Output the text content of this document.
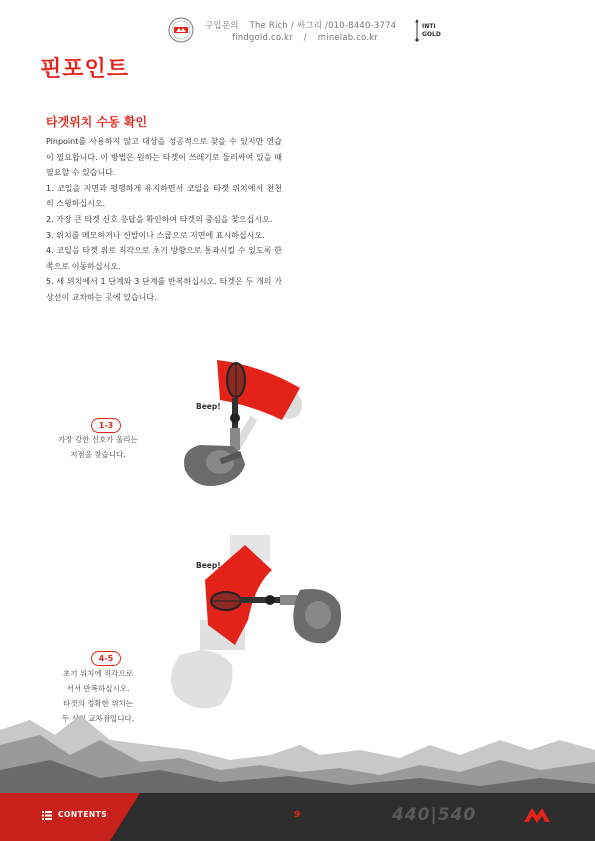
구입문의 The Rich / 싸그리 /010-8440-3774
findgold.co.kr / minelab.co.kr
INTI
GOLD
핀포인트
타겟위치 수동 확인

Pinpoint를 사용하지 않고 대상을 성공적으로 찾을 수 있지만 연습이 필요합니다. 이 방법은 원하는 타겟이 쓰레기로 둘러싸여 있을 때 필요할 수 있습니다.

1. 코일을 지면과 평행하게 유지하면서 코일을 타겟 위치에서 천천히 스윙하십시오.

2. 가장 큰 타겟 신호 응답을 확인하여 타겟의 중심을 찾으십시오.

3. 위치를 메모하거나 신발이나 스쿱으로 지면에 표시하십시오.

4. 코일을 타겟 위로 직각으로 초기 방향으로 통과시킬 수 있도록 한쪽으로 이동하십시오.

5. 새 위치에서 1 단계와 3 단계를 반복하십시오. 타겟은 두 개의 가상선이 교차하는 곳에 있습니다.

Beep!
1-3
가장 강한 신호가 울리는
지점을 찾습니다.
Beep!
4-5
초기 위치에 직각으로
서서 반복하십시오.
타겟의 정확한 위치는
두 선의 교차점입니다.
CONTENTS	9	440|540
